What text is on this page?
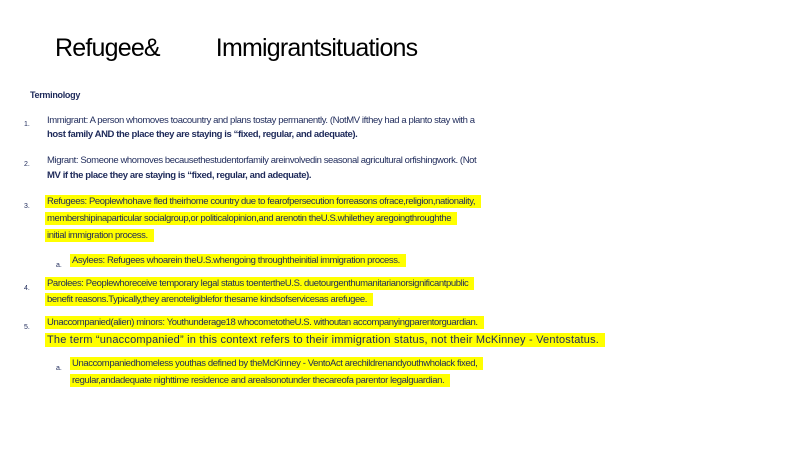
Refugee& Immigrantsituations
Terminology
1. Immigrant: A person whomoves toacountry and plans tostay permanently. (NotMV ifthey had a planto stay with a

host family AND the place they are staying is “fixed, regular, and adequate).

2. Migrant: Someone whomoves becausethestudentorfamily areinvolvedin seasonal agricultural orfishingwork. (Not

MV if the place they are staying is “fixed, regular, and adequate).

3. Refugees: Peoplewhohave fled theirhome country due to fearofpersecution forreasons ofrace,religion,nationality,

membershipinaparticular socialgroup,or politicalopinion,and arenotin theU.S.whilethey aregoingthroughthe

initial immigration process.

a. Asylees: Refugees whoarein theU.S.whengoing throughtheinitial immigration process.

4. Parolees: Peoplewhoreceive temporary legal status toentertheU.S. duetourgenthumanitarianorsignificantpublic

benefit reasons.Typically,they arenoteligiblefor thesame kindsofservicesas arefugee.

5. Unaccompanied(alien) minors: Youthunderage18 whocometotheU.S. withoutan accompanyingparentorguardian.

The term “unaccompanied” in this context refers to their immigration status, not their McKinney - Ventostatus.

a. Unaccompaniedhomeless youthas defined by theMcKinney - VentoAct arechildrenandyouthwholack fixed,

regular,andadequate nighttime residence and arealsonotunder thecareofa parentor legalguardian.
